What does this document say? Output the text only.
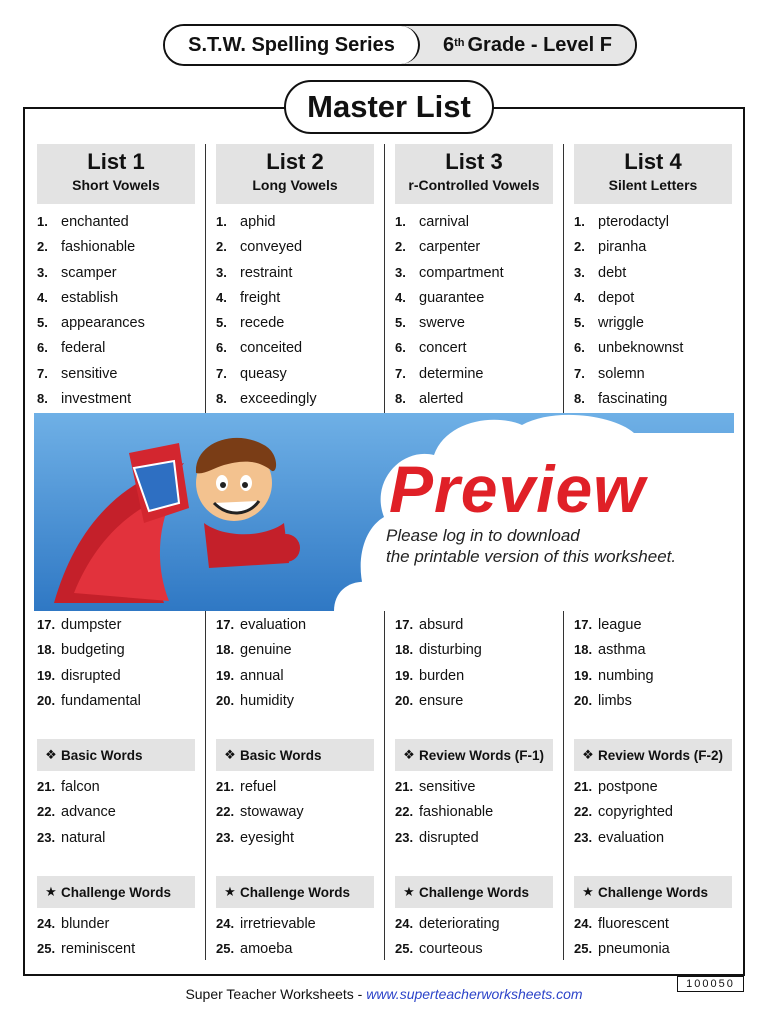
S.T.W. Spelling Series	6th Grade - Level F
Master List
List 1
Short Vowels
1. enchanted
2. fashionable
3. scamper
4. establish
5. appearances
6. federal
7. sensitive
8. investment
List 2
Long Vowels
1. aphid
2. conveyed
3. restraint
4. freight
5. recede
6. conceited
7. queasy
8. exceedingly
List 3
r-Controlled Vowels
1. carnival
2. carpenter
3. compartment
4. guarantee
5. swerve
6. concert
7. determine
8. alerted
List 4
Silent Letters
1. pterodactyl
2. piranha
3. debt
4. depot
5. wriggle
6. unbeknownst
7. solemn
8. fascinating
Preview
Please log in to download
the printable version of this worksheet.
17. dumpster
18. budgeting
19. disrupted
20. fundamental
17. evaluation
18. genuine
19. annual
20. humidity
17. absurd
18. disturbing
19. burden
20. ensure
17. league
18. asthma
19. numbing
20. limbs
❖ Basic Words
21. falcon
22. advance
23. natural
❖ Basic Words
21. refuel
22. stowaway
23. eyesight
❖ Review Words (F-1)
21. sensitive
22. fashionable
23. disrupted
❖ Review Words (F-2)
21. postpone
22. copyrighted
23. evaluation
★ Challenge Words
24. blunder
25. reminiscent
★ Challenge Words
24. irretrievable
25. amoeba
★ Challenge Words
24. deteriorating
25. courteous
★ Challenge Words
24. fluorescent
25. pneumonia
100050
Super Teacher Worksheets - www.superteacherworksheets.com
